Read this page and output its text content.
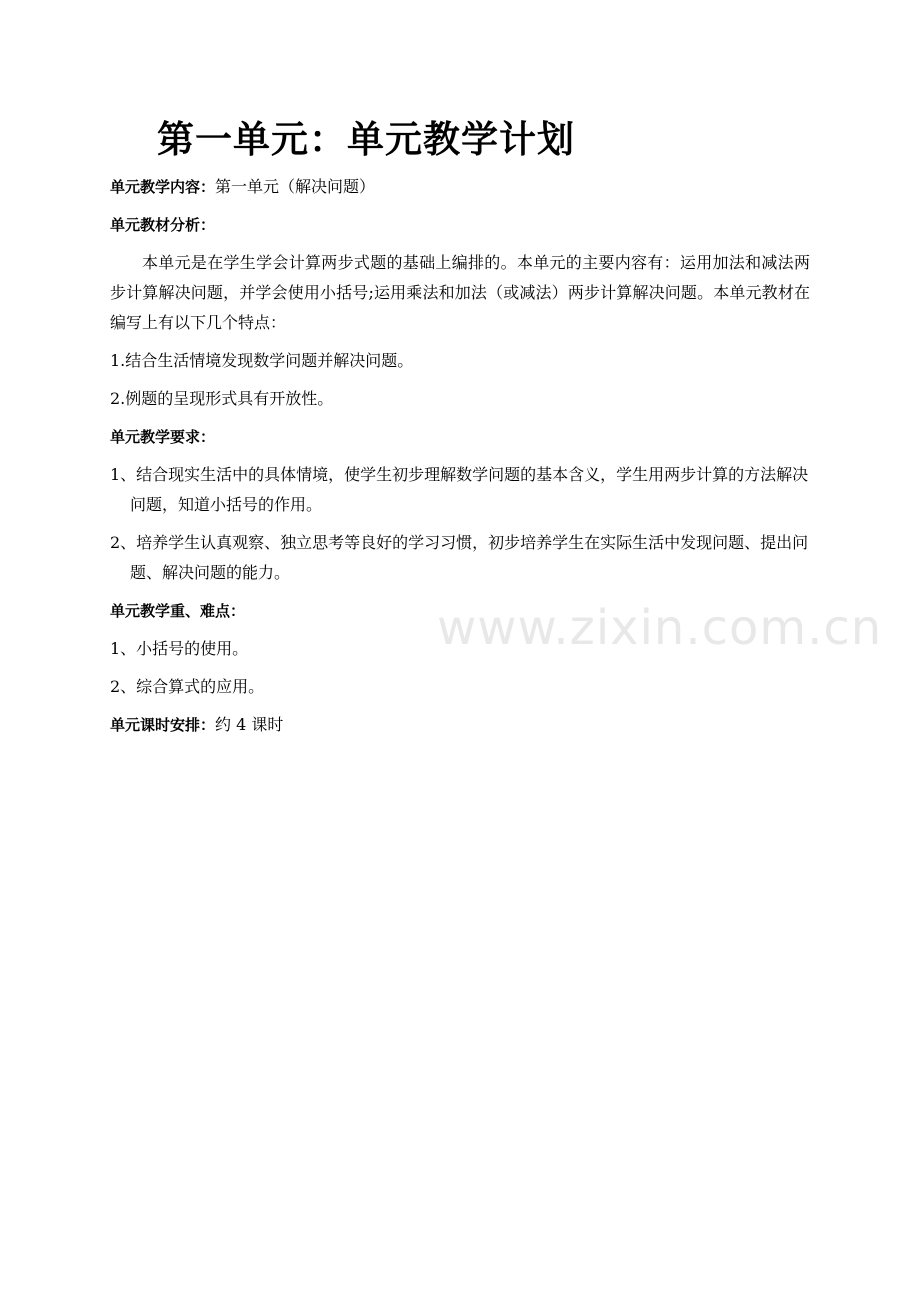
第一单元：单元教学计划

单元教学内容：第一单元（解决问题）

单元教材分析：

本单元是在学生学会计算两步式题的基础上编排的。本单元的主要内容有：运用加法和减法两步计算解决问题，并学会使用小括号;运用乘法和加法（或减法）两步计算解决问题。本单元教材在编写上有以下几个特点：

1.结合生活情境发现数学问题并解决问题。

2.例题的呈现形式具有开放性。

单元教学要求：

1、结合现实生活中的具体情境，使学生初步理解数学问题的基本含义，学生用两步计算的方法解决问题，知道小括号的作用。

2、培养学生认真观察、独立思考等良好的学习习惯，初步培养学生在实际生活中发现问题、提出问题、解决问题的能力。

单元教学重、难点：

1、小括号的使用。

2、综合算式的应用。

单元课时安排：约 4 课时

www.zixin.com.cn
